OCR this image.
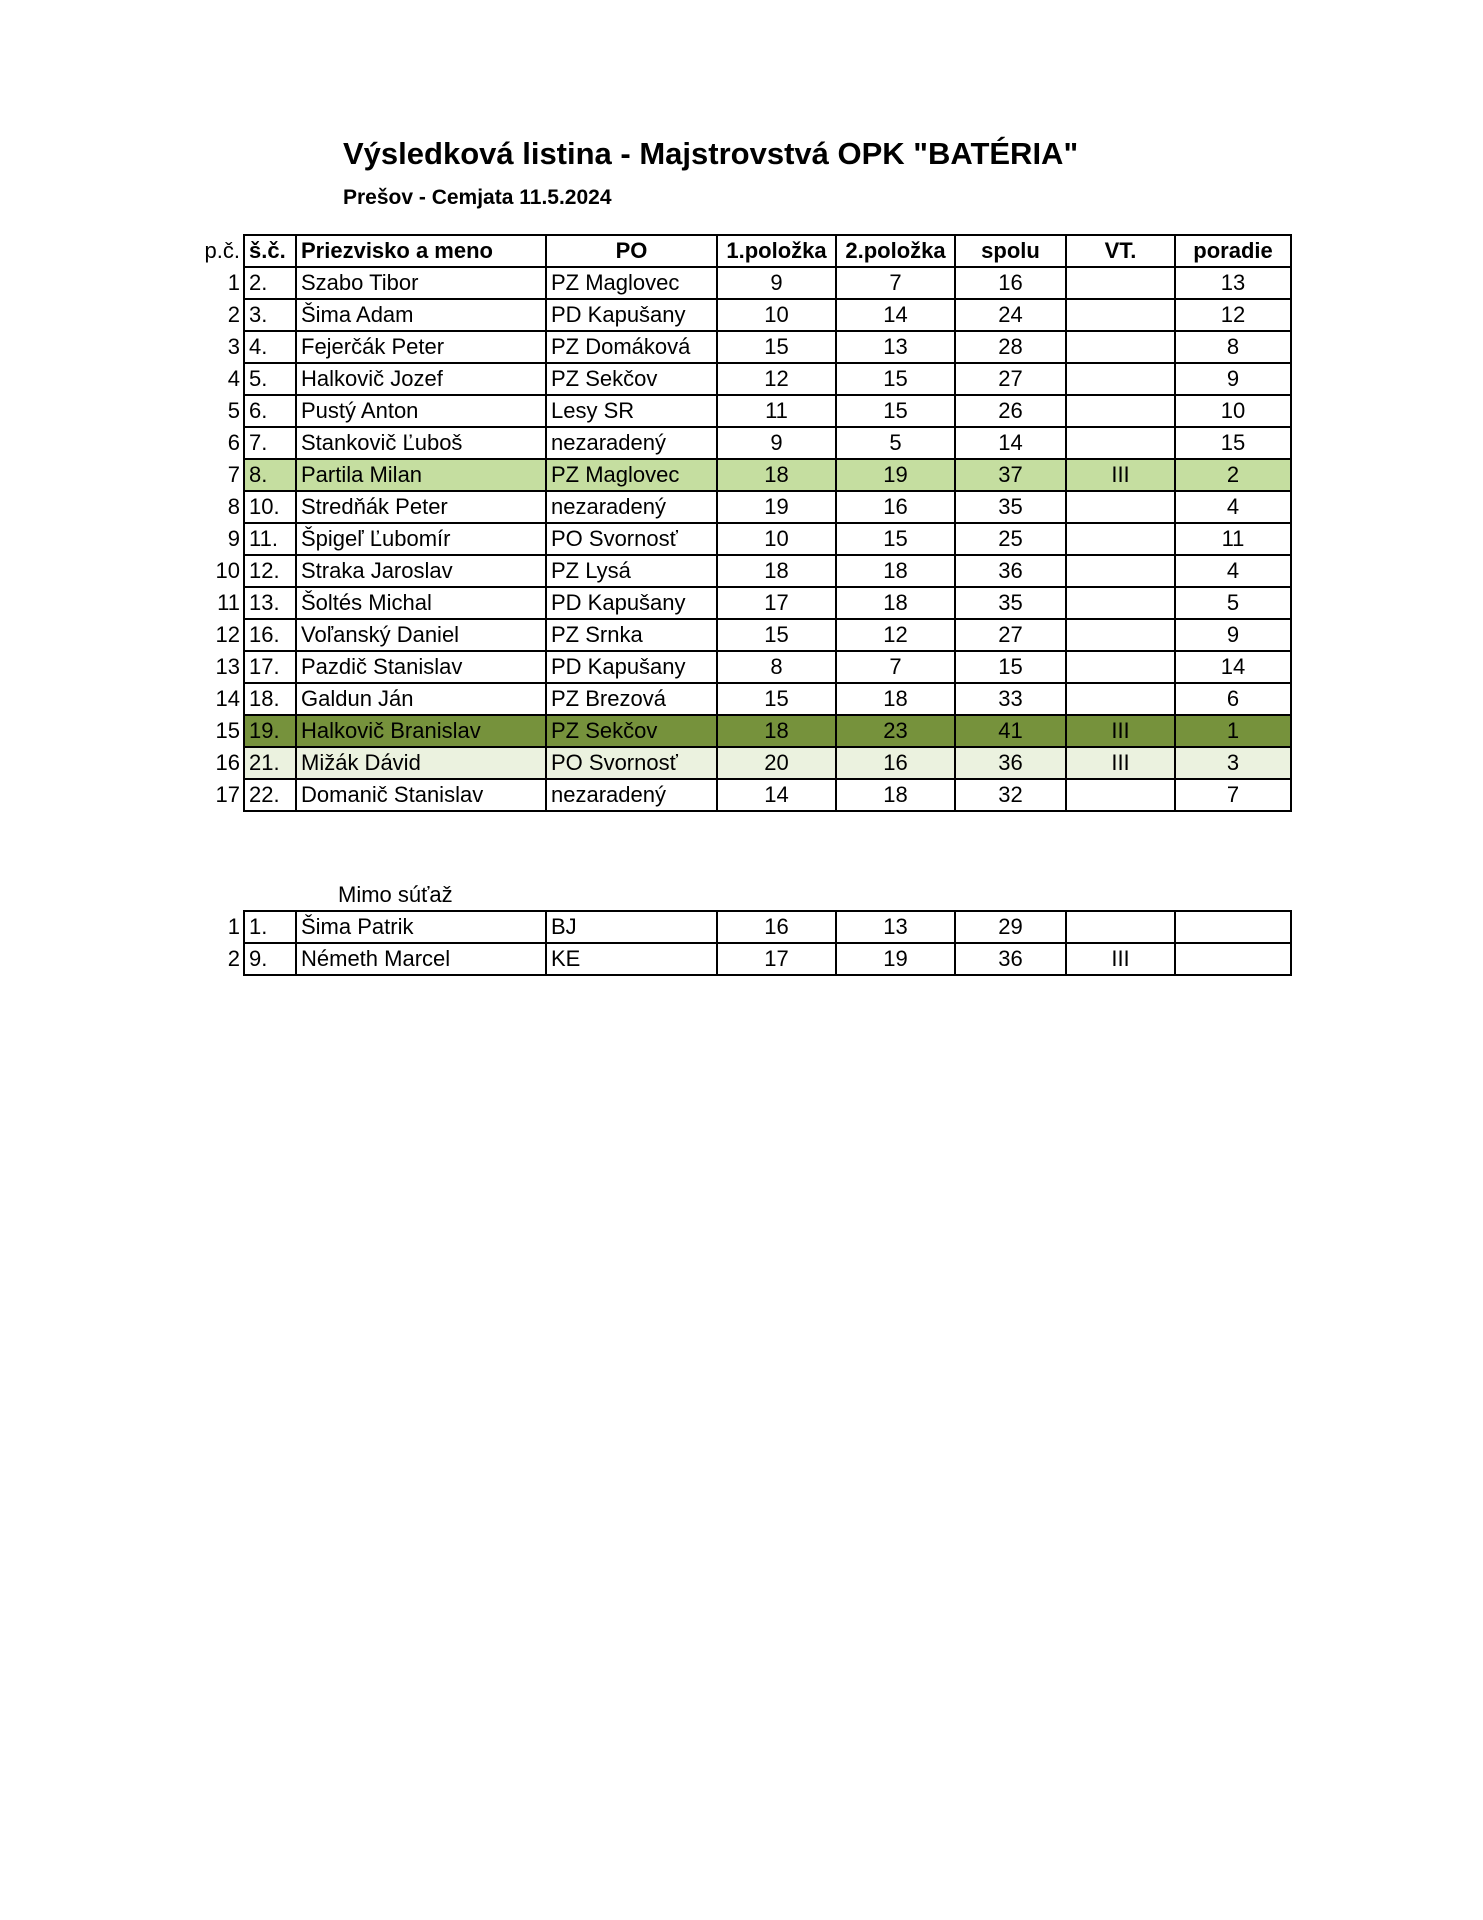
Výsledková listina - Majstrovstvá OPK "BATÉRIA"
Prešov - Cemjata 11.5.2024
p.č.	š.č.	Priezvisko a meno	PO	1.položka	2.položka	spolu	VT.	poradie
1	2.	Szabo Tibor	PZ Maglovec	9	7	16		13
2	3.	Šima Adam	PD Kapušany	10	14	24		12
3	4.	Fejerčák Peter	PZ Domáková	15	13	28		8
4	5.	Halkovič Jozef	PZ Sekčov	12	15	27		9
5	6.	Pustý Anton	Lesy SR	11	15	26		10
6	7.	Stankovič Ľuboš	nezaradený	9	5	14		15
7	8.	Partila Milan	PZ Maglovec	18	19	37	III	2
8	10.	Stredňák Peter	nezaradený	19	16	35		4
9	11.	Špigeľ Ľubomír	PO Svornosť	10	15	25		11
10	12.	Straka Jaroslav	PZ Lysá	18	18	36		4
11	13.	Šoltés Michal	PD Kapušany	17	18	35		5
12	16.	Voľanský Daniel	PZ Srnka	15	12	27		9
13	17.	Pazdič Stanislav	PD Kapušany	8	7	15		14
14	18.	Galdun Ján	PZ Brezová	15	18	33		6
15	19.	Halkovič Branislav	PZ Sekčov	18	23	41	III	1
16	21.	Mižák Dávid	PO Svornosť	20	16	36	III	3
17	22.	Domanič Stanislav	nezaradený	14	18	32		7
Mimo súťaž
1	1.	Šima Patrik	BJ	16	13	29		
2	9.	Németh Marcel	KE	17	19	36	III	
